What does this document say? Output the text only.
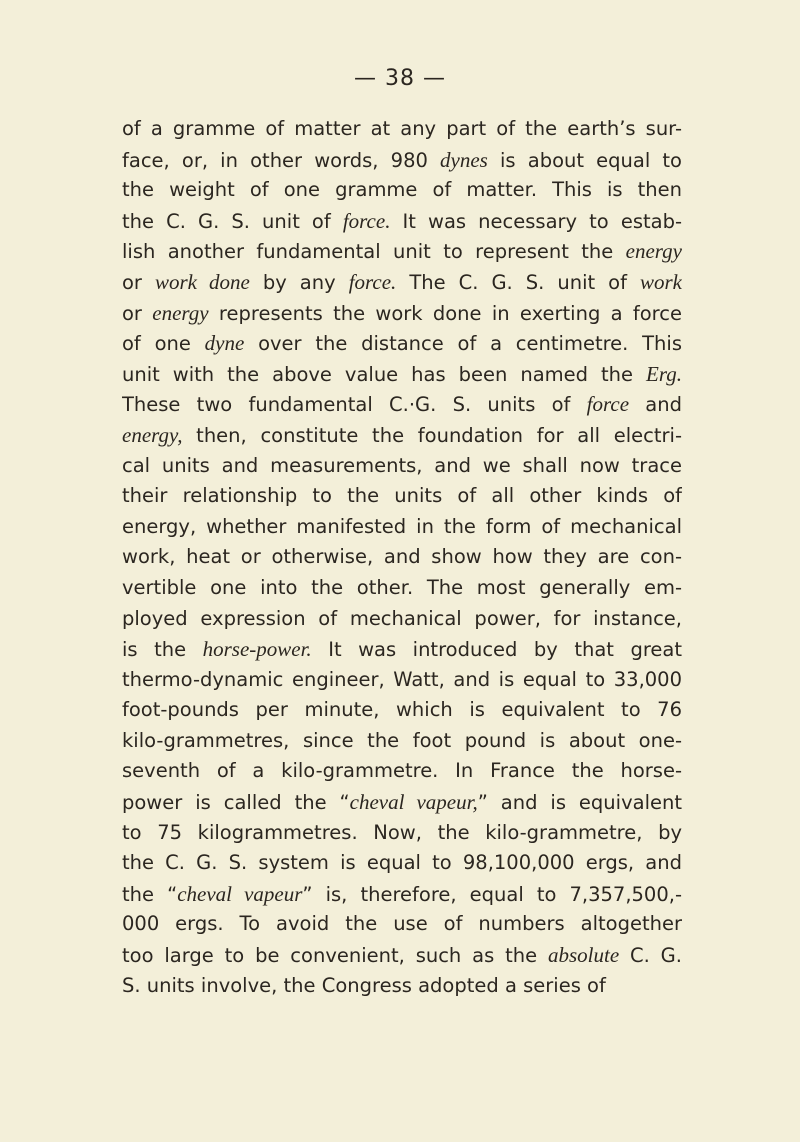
— 38 —
of a gramme of matter at any part of the earth’s sur-
face, or, in other words, 980 dynes is about equal to
the weight of one gramme of matter. This is then
the C. G. S. unit of force. It was necessary to estab-
lish another fundamental unit to represent the energy
or work done by any force. The C. G. S. unit of work
or energy represents the work done in exerting a force
of one dyne over the distance of a centimetre. This
unit with the above value has been named the Erg.
These two fundamental C.·G. S. units of force and
energy, then, constitute the foundation for all electri-
cal units and measurements, and we shall now trace
their relationship to the units of all other kinds of
energy, whether manifested in the form of mechanical
work, heat or otherwise, and show how they are con-
vertible one into the other. The most generally em-
ployed expression of mechanical power, for instance,
is the horse-power. It was introduced by that great
thermo-dynamic engineer, Watt, and is equal to 33,000
foot-pounds per minute, which is equivalent to 76
kilo-grammetres, since the foot pound is about one-
seventh of a kilo-grammetre. In France the horse-
power is called the “cheval vapeur,” and is equivalent
to 75 kilogrammetres. Now, the kilo-grammetre, by
the C. G. S. system is equal to 98,100,000 ergs, and
the “cheval vapeur” is, therefore, equal to 7,357,500,-
000 ergs. To avoid the use of numbers altogether
too large to be convenient, such as the absolute C. G.
S. units involve, the Congress adopted a series of
